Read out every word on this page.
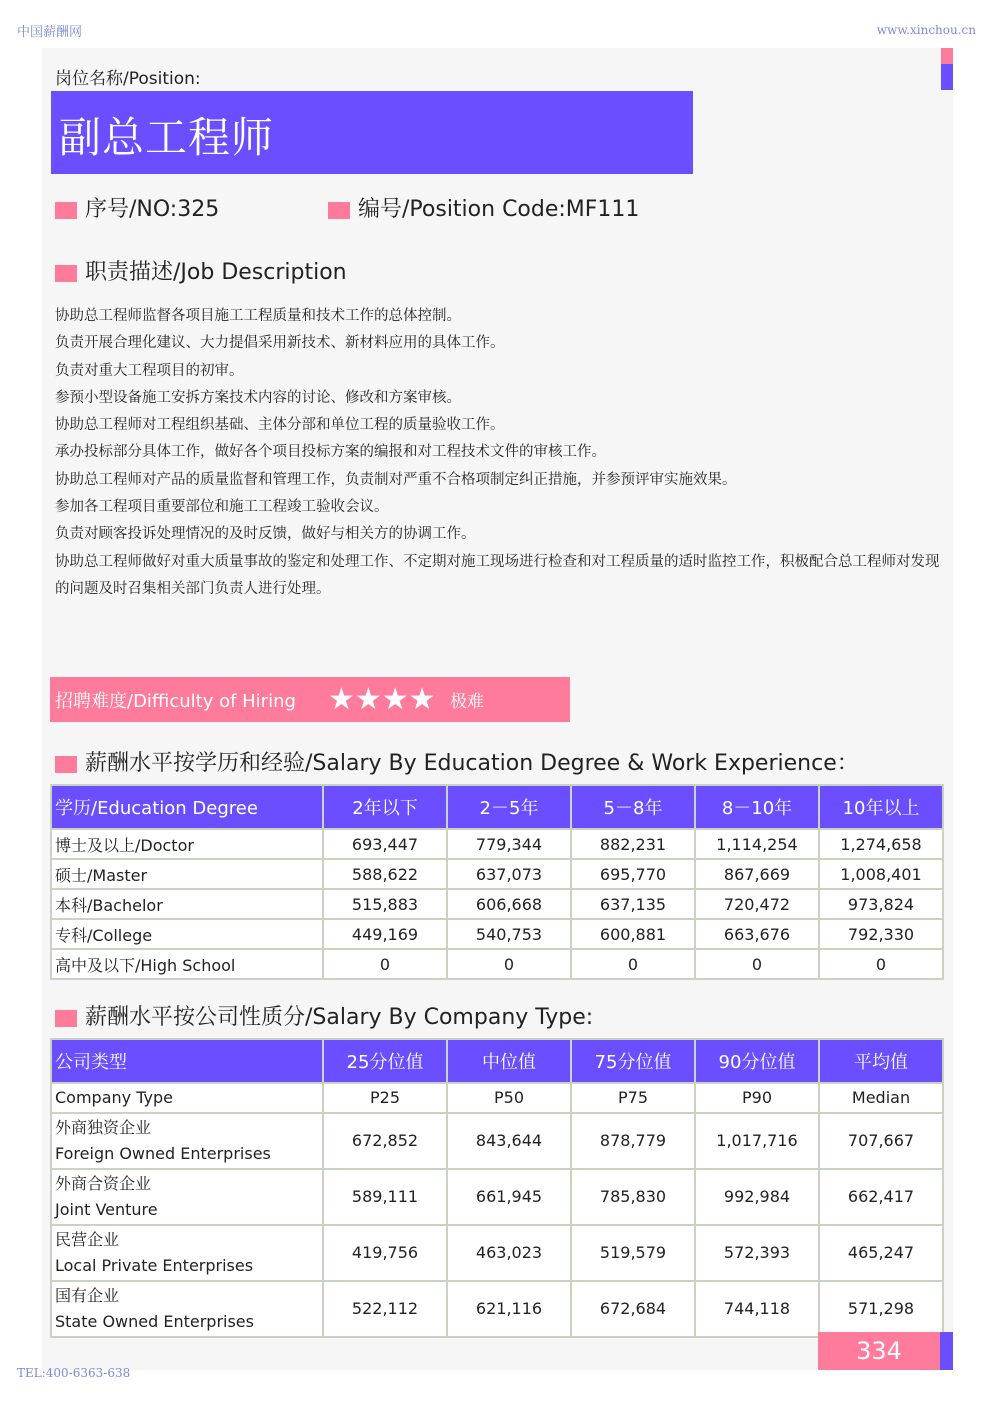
中国薪酬网	www.xinchou.cn
岗位名称/Position:
副总工程师
序号/NO:325	编号/Position Code:MF111
职责描述/Job Description
协助总工程师监督各项目施工工程质量和技术工作的总体控制。
负责开展合理化建议、大力提倡采用新技术、新材料应用的具体工作。
负责对重大工程项目的初审。
参预小型设备施工安拆方案技术内容的讨论、修改和方案审核。
协助总工程师对工程组织基础、主体分部和单位工程的质量验收工作。
承办投标部分具体工作，做好各个项目投标方案的编报和对工程技术文件的审核工作。
协助总工程师对产品的质量监督和管理工作，负责制对严重不合格项制定纠正措施，并参预评审实施效果。
参加各工程项目重要部位和施工工程竣工验收会议。
负责对顾客投诉处理情况的及时反馈，做好与相关方的协调工作。
协助总工程师做好对重大质量事故的鉴定和处理工作、不定期对施工现场进行检查和对工程质量的适时监控工作，积极配合总工程师对发现的问题及时召集相关部门负责人进行处理。
招聘难度/Difficulty of Hiring ★★★★ 极难
薪酬水平按学历和经验/Salary By Education Degree & Work Experience：
学历/Education Degree	2年以下	2－5年	5－8年	8－10年	10年以上
博士及以上/Doctor	693,447	779,344	882,231	1,114,254	1,274,658
硕士/Master	588,622	637,073	695,770	867,669	1,008,401
本科/Bachelor	515,883	606,668	637,135	720,472	973,824
专科/College	449,169	540,753	600,881	663,676	792,330
高中及以下/High School	0	0	0	0	0
薪酬水平按公司性质分/Salary By Company Type:
公司类型	25分位值	中位值	75分位值	90分位值	平均值
Company Type	P25	P50	P75	P90	Median

外商独资企业
Foreign Owned Enterprises	672,852	843,644	878,779	1,017,716	707,667

外商合资企业
Joint Venture	589,111	661,945	785,830	992,984	662,417

民营企业
Local Private Enterprises	419,756	463,023	519,579	572,393	465,247

国有企业
State Owned Enterprises	522,112	621,116	672,684	744,118	571,298
334
TEL:400-6363-638
